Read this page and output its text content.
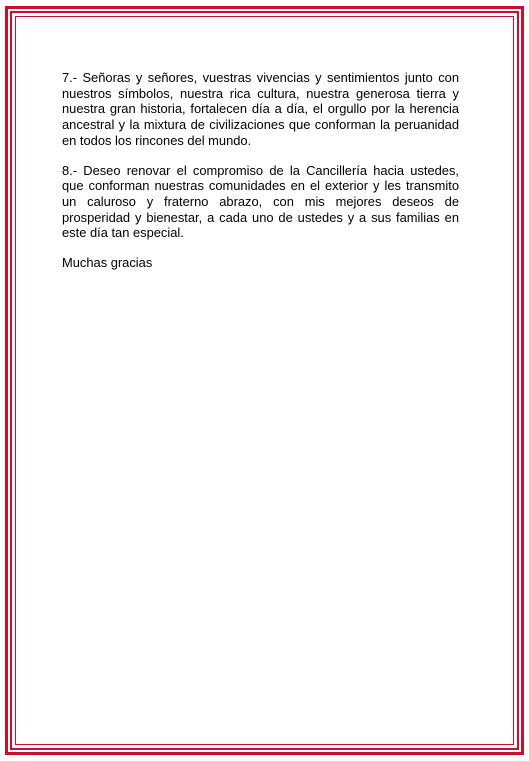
7.- Señoras y señores, vuestras vivencias y sentimientos junto con nuestros símbolos, nuestra rica cultura, nuestra generosa tierra y nuestra gran historia, fortalecen día a día, el orgullo por la herencia ancestral y la mixtura de civilizaciones que conforman la peruanidad en todos los rincones del mundo.

8.- Deseo renovar el compromiso de la Cancillería hacia ustedes, que conforman nuestras comunidades en el exterior y les transmito un caluroso y fraterno abrazo, con mis mejores deseos de prosperidad y bienestar, a cada uno de ustedes y a sus familias en este día tan especial.

Muchas gracias
